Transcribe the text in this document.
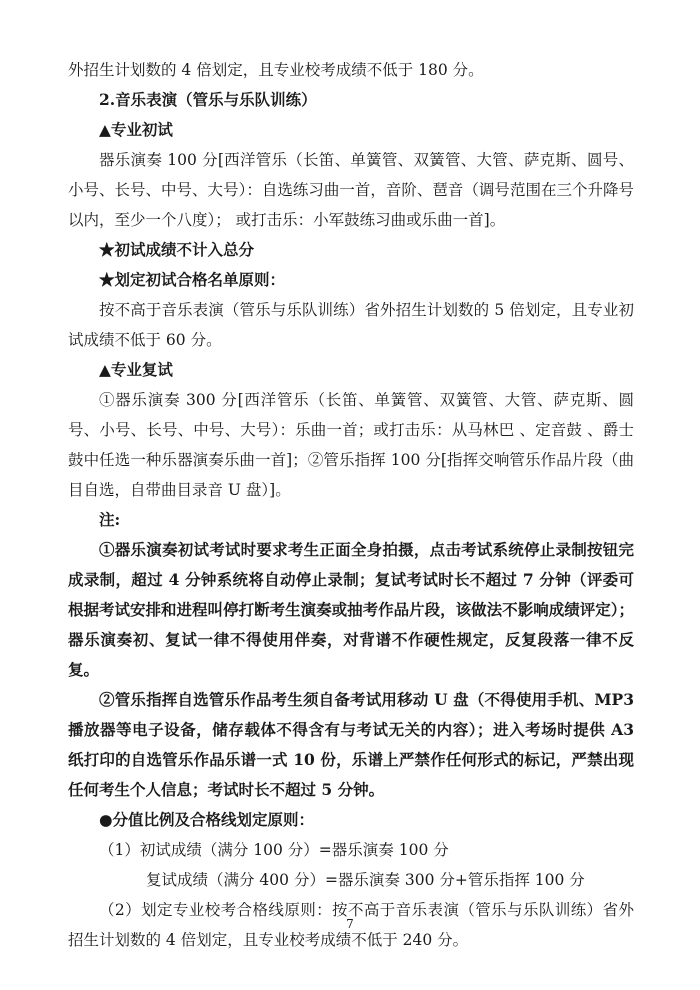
外招生计划数的 4 倍划定，且专业校考成绩不低于 180 分。

2.音乐表演（管乐与乐队训练）

▲专业初试

器乐演奏 100 分[西洋管乐（长笛、单簧管、双簧管、大管、萨克斯、圆号、小号、长号、中号、大号）：自选练习曲一首，音阶、琶音（调号范围在三个升降号以内，至少一个八度）； 或打击乐：小军鼓练习曲或乐曲一首]。

★初试成绩不计入总分

★划定初试合格名单原则：

按不高于音乐表演（管乐与乐队训练）省外招生计划数的 5 倍划定，且专业初试成绩不低于 60 分。

▲专业复试

①器乐演奏 300 分[西洋管乐（长笛、单簧管、双簧管、大管、萨克斯、圆号、小号、长号、中号、大号）：乐曲一首；或打击乐：从马林巴 、定音鼓 、爵士鼓中任选一种乐器演奏乐曲一首]；②管乐指挥 100 分[指挥交响管乐作品片段（曲目自选，自带曲目录音 U 盘）]。

注:

①器乐演奏初试考试时要求考生正面全身拍摄，点击考试系统停止录制按钮完成录制，超过 4 分钟系统将自动停止录制；复试考试时长不超过 7 分钟（评委可根据考试安排和进程叫停打断考生演奏或抽考作品片段，该做法不影响成绩评定）；器乐演奏初、复试一律不得使用伴奏，对背谱不作硬性规定，反复段落一律不反复。

②管乐指挥自选管乐作品考生须自备考试用移动 U 盘（不得使用手机、MP3 播放器等电子设备，储存载体不得含有与考试无关的内容）；进入考场时提供 A3 纸打印的自选管乐作品乐谱一式 10 份，乐谱上严禁作任何形式的标记，严禁出现任何考生个人信息；考试时长不超过 5 分钟。

●分值比例及合格线划定原则：

（1）初试成绩（满分 100 分）=器乐演奏 100 分

复试成绩（满分 400 分）=器乐演奏 300 分+管乐指挥 100 分

（2）划定专业校考合格线原则：按不高于音乐表演（管乐与乐队训练）省外招生计划数的 4 倍划定，且专业校考成绩不低于 240 分。

7
